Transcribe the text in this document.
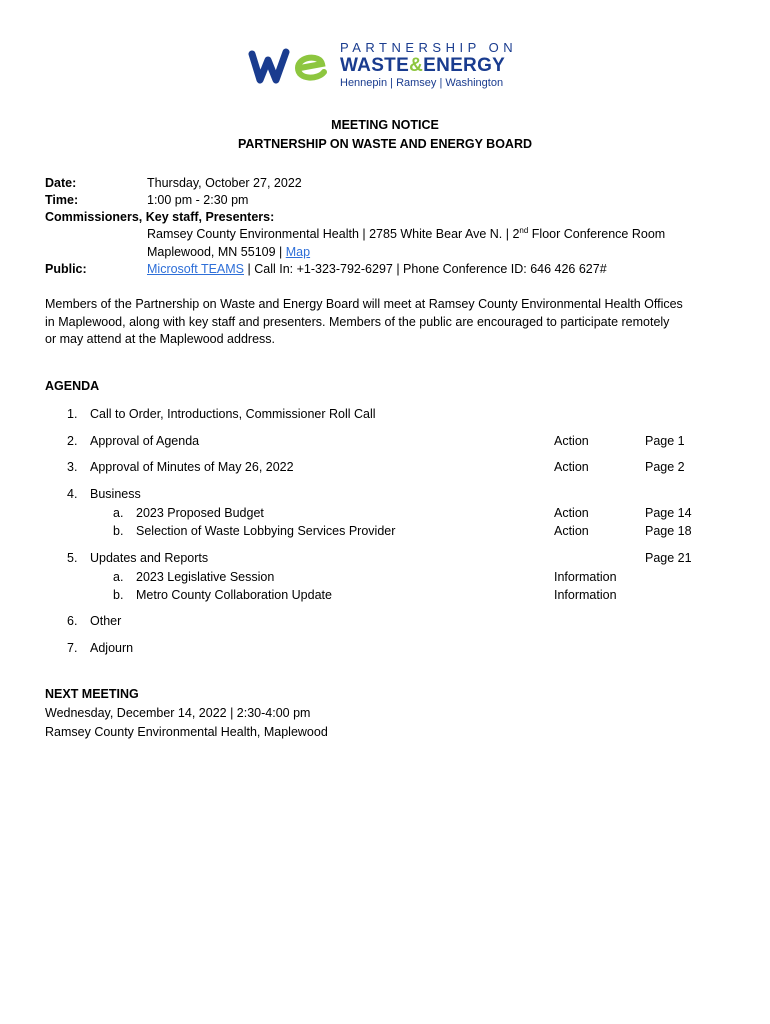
PARTNERSHIP ON
WASTE&ENERGY
Hennepin | Ramsey | Washington
MEETING NOTICE
PARTNERSHIP ON WASTE AND ENERGY BOARD
Date:	Thursday, October 27, 2022
Time:	1:00 pm - 2:30 pm
Commissioners, Key staff, Presenters:
Ramsey County Environmental Health | 2785 White Bear Ave N. | 2nd Floor Conference Room
Maplewood, MN 55109 | Map
Public:	Microsoft TEAMS | Call In: +1-323-792-6297 | Phone Conference ID: 646 426 627#
Members of the Partnership on Waste and Energy Board will meet at Ramsey County Environmental Health Offices
in Maplewood, along with key staff and presenters. Members of the public are encouraged to participate remotely
or may attend at the Maplewood address.
AGENDA
1. Call to Order, Introductions, Commissioner Roll Call
2. Approval of Agenda	Action	Page 1
3. Approval of Minutes of May 26, 2022	Action	Page 2
4. Business
a. 2023 Proposed Budget	Action	Page 14
b. Selection of Waste Lobbying Services Provider	Action	Page 18
5. Updates and Reports	Page 21
a. 2023 Legislative Session	Information
b. Metro County Collaboration Update	Information
6. Other
7. Adjourn
NEXT MEETING
Wednesday, December 14, 2022 | 2:30-4:00 pm
Ramsey County Environmental Health, Maplewood
